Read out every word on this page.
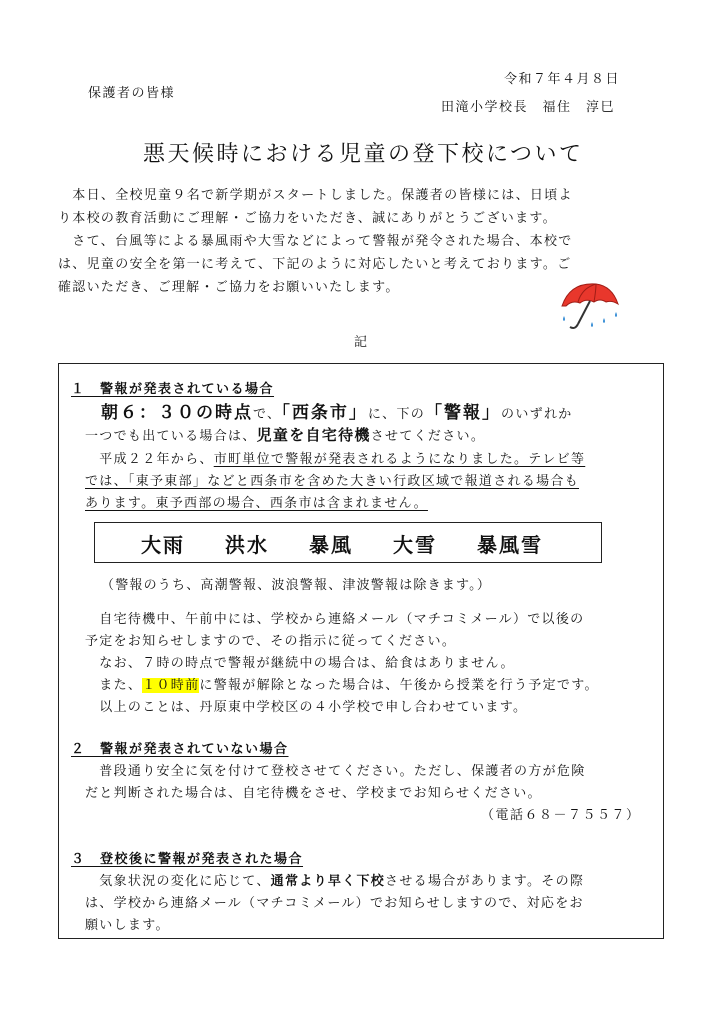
令和７年４月８日
保護者の皆様
田滝小学校長　福住　淳巳
悪天候時における児童の登下校について
　本日、全校児童９名で新学期がスタートしました。保護者の皆様には、日頃よ
り本校の教育活動にご理解・ご協力をいただき、誠にありがとうございます。
　さて、台風等による暴風雨や大雪などによって警報が発令された場合、本校で
は、児童の安全を第一に考えて、下記のように対応したいと考えております。ご
確認いただき、ご理解・ご協力をお願いいたします。
記
１　警報が発表されている場合
朝６：３０の時点で、「西条市」に、下の「警報」のいずれか
一つでも出ている場合は、児童を自宅待機させてください。
　平成２２年から、市町単位で警報が発表されるようになりました。テレビ等
では、「東予東部」などと西条市を含めた大きい行政区域で報道される場合も
あります。東予西部の場合、西条市は含まれません。
大雨 洪水 暴風 大雪 暴風雪
（警報のうち、高潮警報、波浪警報、津波警報は除きます。）
　自宅待機中、午前中には、学校から連絡メール（マチコミメール）で以後の
予定をお知らせしますので、その指示に従ってください。
　なお、７時の時点で警報が継続中の場合は、給食はありません。
　また、１０時前に警報が解除となった場合は、午後から授業を行う予定です。
　以上のことは、丹原東中学校区の４小学校で申し合わせています。
２　警報が発表されていない場合
　普段通り安全に気を付けて登校させてください。ただし、保護者の方が危険
だと判断された場合は、自宅待機をさせ、学校までお知らせください。
（電話６８－７５５７）
３　登校後に警報が発表された場合
　気象状況の変化に応じて、通常より早く下校させる場合があります。その際
は、学校から連絡メール（マチコミメール）でお知らせしますので、対応をお
願いします。
